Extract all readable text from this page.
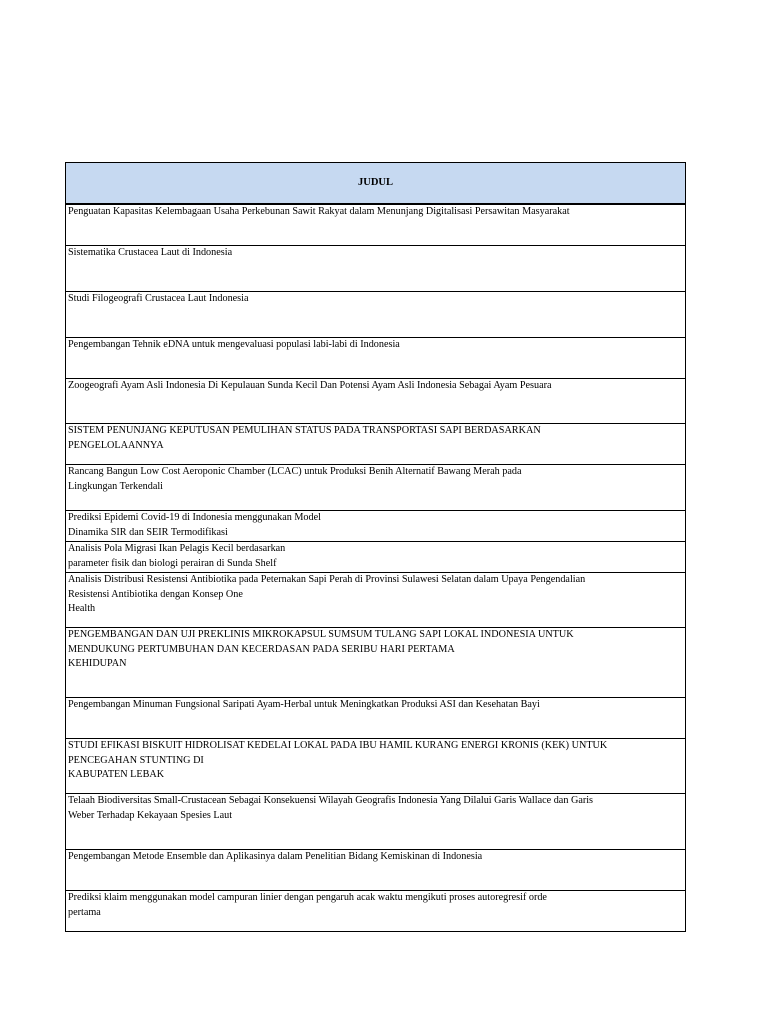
JUDUL
Penguatan Kapasitas Kelembagaan Usaha Perkebunan Sawit Rakyat dalam Menunjang Digitalisasi Persawitan Masyarakat
Sistematika Crustacea Laut di Indonesia
Studi Filogeografi Crustacea Laut Indonesia
Pengembangan Tehnik eDNA untuk mengevaluasi populasi labi-labi di Indonesia
Zoogeografi Ayam Asli Indonesia Di Kepulauan Sunda Kecil Dan Potensi Ayam Asli Indonesia Sebagai Ayam Pesuara
SISTEM PENUNJANG KEPUTUSAN PEMULIHAN STATUS PADA TRANSPORTASI SAPI BERDASARKAN
PENGELOLAANNYA
Rancang Bangun Low Cost Aeroponic Chamber (LCAC) untuk Produksi Benih Alternatif Bawang Merah pada
Lingkungan Terkendali
Prediksi Epidemi Covid-19 di Indonesia menggunakan Model
Dinamika SIR dan SEIR Termodifikasi
Analisis Pola Migrasi Ikan Pelagis Kecil berdasarkan
parameter fisik dan biologi perairan di Sunda Shelf
Analisis Distribusi Resistensi Antibiotika pada Peternakan Sapi Perah di Provinsi Sulawesi Selatan dalam Upaya Pengendalian
Resistensi Antibiotika dengan Konsep One
Health
PENGEMBANGAN DAN UJI PREKLINIS MIKROKAPSUL SUMSUM TULANG SAPI LOKAL INDONESIA UNTUK
MENDUKUNG PERTUMBUHAN DAN KECERDASAN PADA SERIBU HARI PERTAMA
KEHIDUPAN
Pengembangan Minuman Fungsional Saripati Ayam-Herbal untuk Meningkatkan Produksi ASI dan Kesehatan Bayi
STUDI EFIKASI BISKUIT HIDROLISAT KEDELAI LOKAL PADA IBU HAMIL KURANG ENERGI KRONIS (KEK) UNTUK
PENCEGAHAN STUNTING DI
KABUPATEN LEBAK
Telaah Biodiversitas Small-Crustacean Sebagai Konsekuensi Wilayah Geografis Indonesia Yang Dilalui Garis Wallace dan Garis
Weber Terhadap Kekayaan Spesies Laut
Pengembangan Metode Ensemble dan Aplikasinya dalam Penelitian Bidang Kemiskinan di Indonesia
Prediksi klaim menggunakan model campuran linier dengan pengaruh acak waktu mengikuti proses autoregresif orde
pertama
